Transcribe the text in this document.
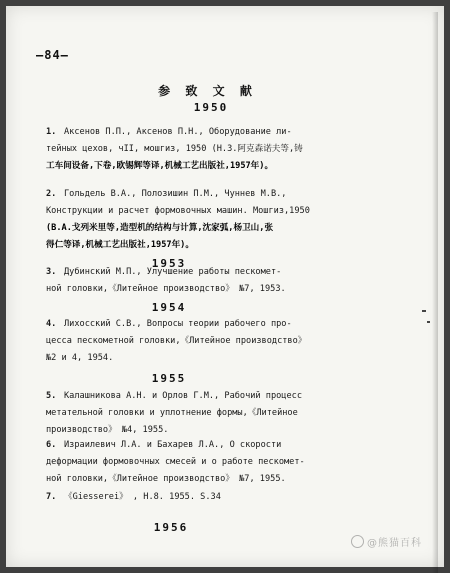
—84—
参 致 文 献
1950
1. Аксенов П.П., Аксенов П.Н., Оборудование ли-
тейных цехов, чII, мошгиз, 1950 (Н.З.阿克森诺夫等,铸
工车间设备,下卷,欧锡辉等译,机械工艺出版社,1957年)。
2. Гольдель В.А., Полозишин П.М., Чуннев М.В.,
Конструкции и расчет формовочных машин. Мошгиз,1950
(В.А.戈列米里等,造型机的结构与计算,沈家弧,杨卫山,张
得仁等译,机械工艺出版社,1957年)。
1953
3. Дубинский М.П., Улучшение работы пескомет-
ной головки,《Литейное производство》 №7, 1953.
1954
4. Лихосский С.В., Вопросы теории рабочего про-
цесса пескометной головки,《Литейное производство》
№2 и 4, 1954.
1955
5. Калашникова А.Н. и Орлов Г.М., Рабочий процесс
метательной головки и уплотнение формы,《Литейное
производство》 №4, 1955.
6. Израилевич Л.А. и Бахарев Л.А., О скорости
деформации формовочных смесей и о работе пескомет-
ной головки,《Литейное производство》 №7, 1955.
7. 《Giesserei》 , H.8. 1955. S.34
1956
@熊猫百科
